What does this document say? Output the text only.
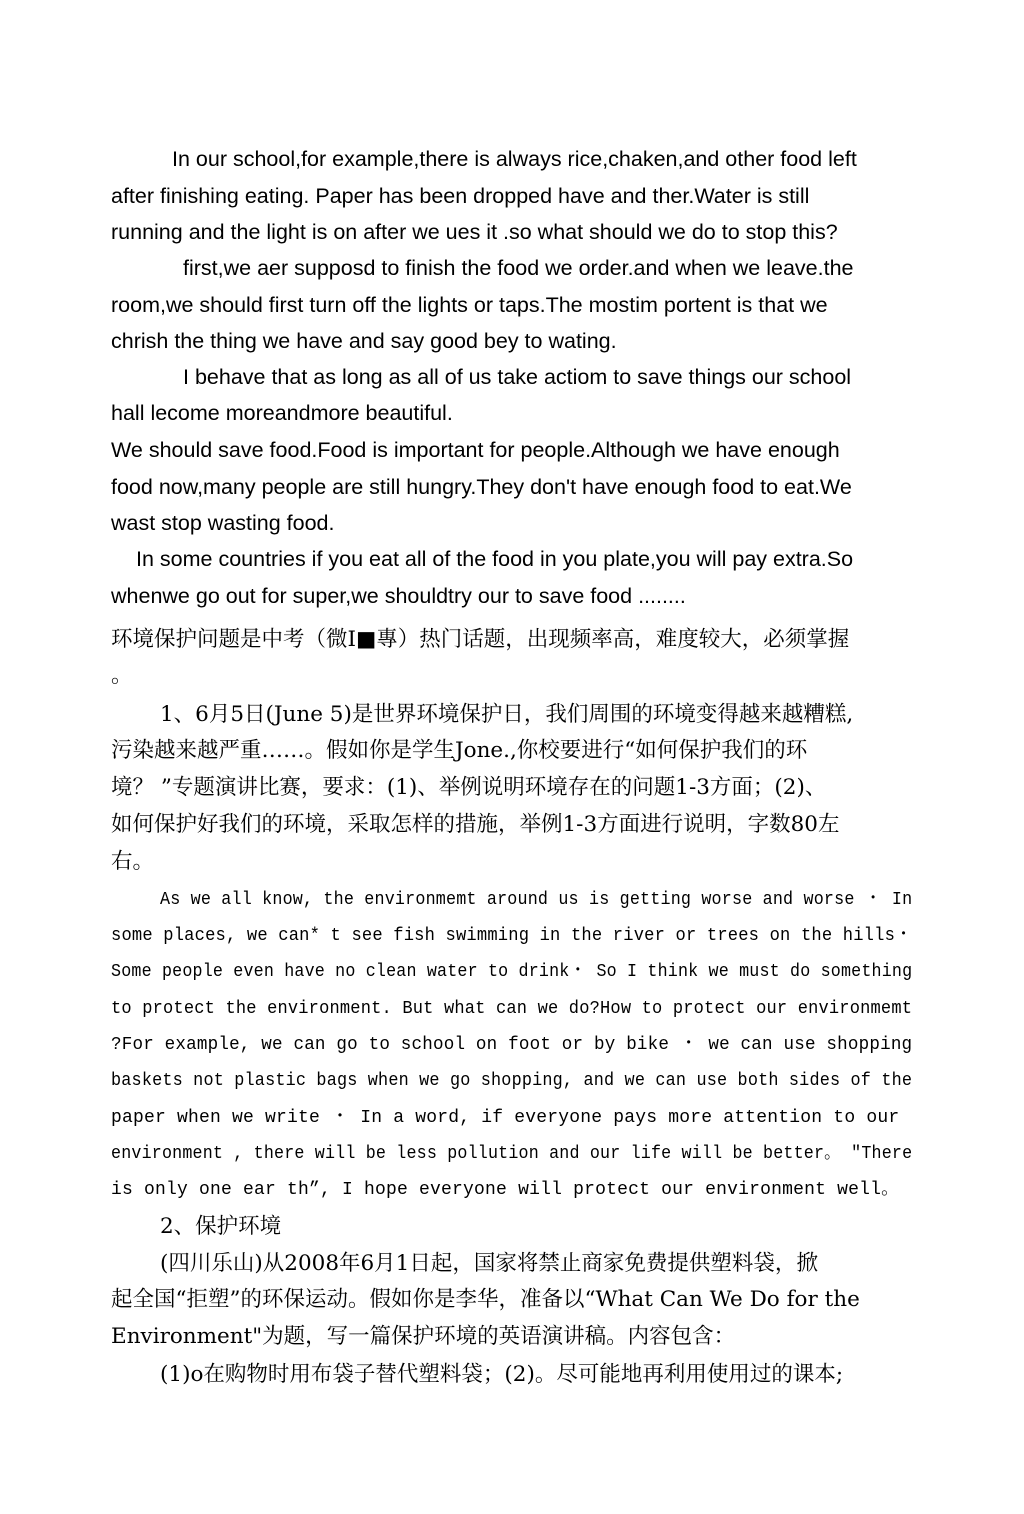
In our school,for example,there is always rice,chaken,and other food left
after finishing eating. Paper has been dropped have and ther.Water is still
running and the light is on after we ues it .so what should we do to stop this?
first,we aer supposd to finish the food we order.and when we leave.the
room,we should first turn off the lights or taps.The mostim portent is that we
chrish the thing we have and say good bey to wating.
I behave that as long as all of us take actiom to save things our school
hall lecome moreandmore beautiful.
We should save food.Food is important for people.Although we have enough
food now,many people are still hungry.They don't have enough food to eat.We
wast stop wasting food.
In some countries if you eat all of the food in you plate,you will pay extra.So
whenwe go out for super,we shouldtry our to save food ........
环境保护问题是中考（微I■專）热门话题，出现频率高，难度较大，必须掌握
。
1、6月5日(June 5)是世界环境保护日，我们周围的环境变得越来越糟糕,
污染越来越严重……。假如你是学生Jone.,你校要进行“如何保护我们的环
境？ ”专题演讲比赛，要求：(1)、举例说明环境存在的问题1-3方面；(2)、
如何保护好我们的环境，采取怎样的措施，举例1-3方面进行说明，字数80左
右。
As we all know, the environmemt around us is getting worse and worse ・ In
some places, we can* t see fish swimming in the river or trees on the hills・
Some people even have no clean water to drink・ So I think we must do something
to protect the environment. But what can we do?How to protect our environmemt
?For example, we can go to school on foot or by bike ・ we can use shopping
baskets not plastic bags when we go shopping, and we can use both sides of the
paper when we write ・ In a word, if everyone pays more attention to our
environment , there will be less pollution and our life will be better。 "There
is only one ear th”, I hope everyone will protect our environment well。
2、保护环境
(四川乐山)从2008年6月1日起，国家将禁止商家免费提供塑料袋，掀
起全国“拒塑”的环保运动。假如你是李华，准备以“What Can We Do for the
Environment"为题，写一篇保护环境的英语演讲稿。内容包含：
(1)o在购物时用布袋子替代塑料袋；(2)。尽可能地再利用使用过的课本;
